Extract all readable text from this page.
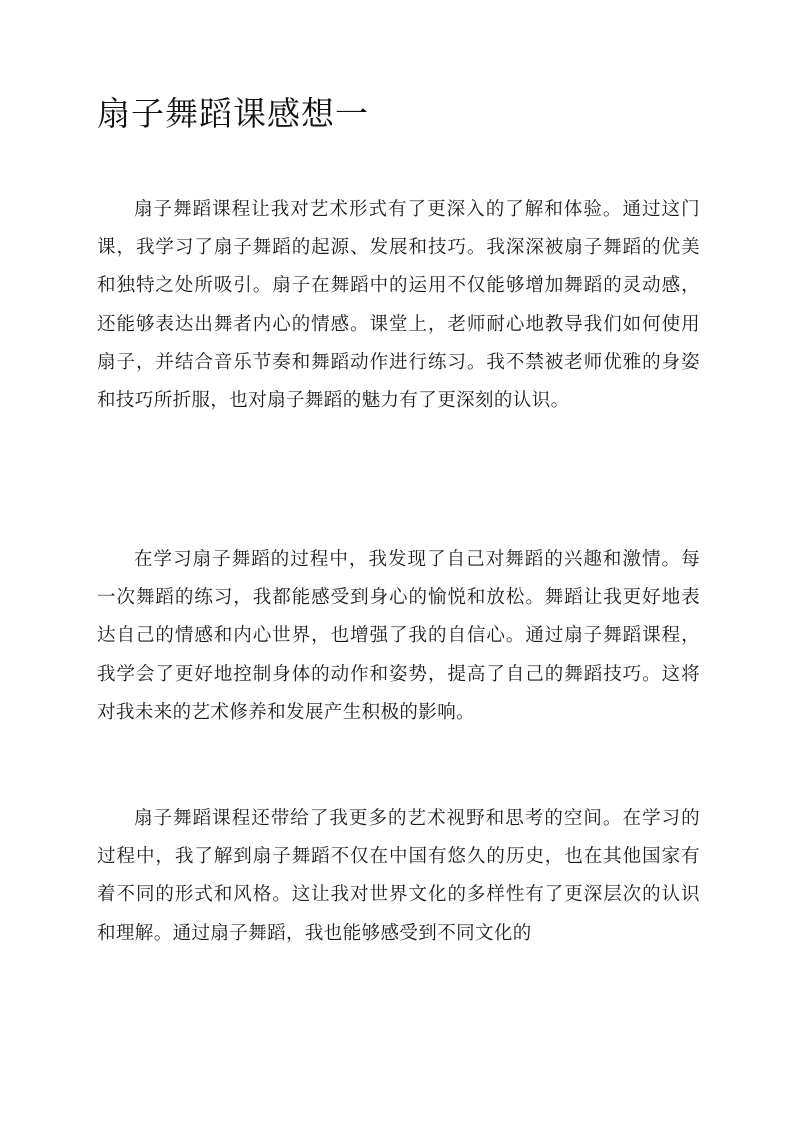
扇子舞蹈课感想一

扇子舞蹈课程让我对艺术形式有了更深入的了解和体验。通过这门课，我学习了扇子舞蹈的起源、发展和技巧。我深深被扇子舞蹈的优美和独特之处所吸引。扇子在舞蹈中的运用不仅能够增加舞蹈的灵动感，还能够表达出舞者内心的情感。课堂上，老师耐心地教导我们如何使用扇子，并结合音乐节奏和舞蹈动作进行练习。我不禁被老师优雅的身姿和技巧所折服，也对扇子舞蹈的魅力有了更深刻的认识。

在学习扇子舞蹈的过程中，我发现了自己对舞蹈的兴趣和激情。每一次舞蹈的练习，我都能感受到身心的愉悦和放松。舞蹈让我更好地表达自己的情感和内心世界，也增强了我的自信心。通过扇子舞蹈课程，我学会了更好地控制身体的动作和姿势，提高了自己的舞蹈技巧。这将对我未来的艺术修养和发展产生积极的影响。

扇子舞蹈课程还带给了我更多的艺术视野和思考的空间。在学习的过程中，我了解到扇子舞蹈不仅在中国有悠久的历史，也在其他国家有着不同的形式和风格。这让我对世界文化的多样性有了更深层次的认识和理解。通过扇子舞蹈，我也能够感受到不同文化的
